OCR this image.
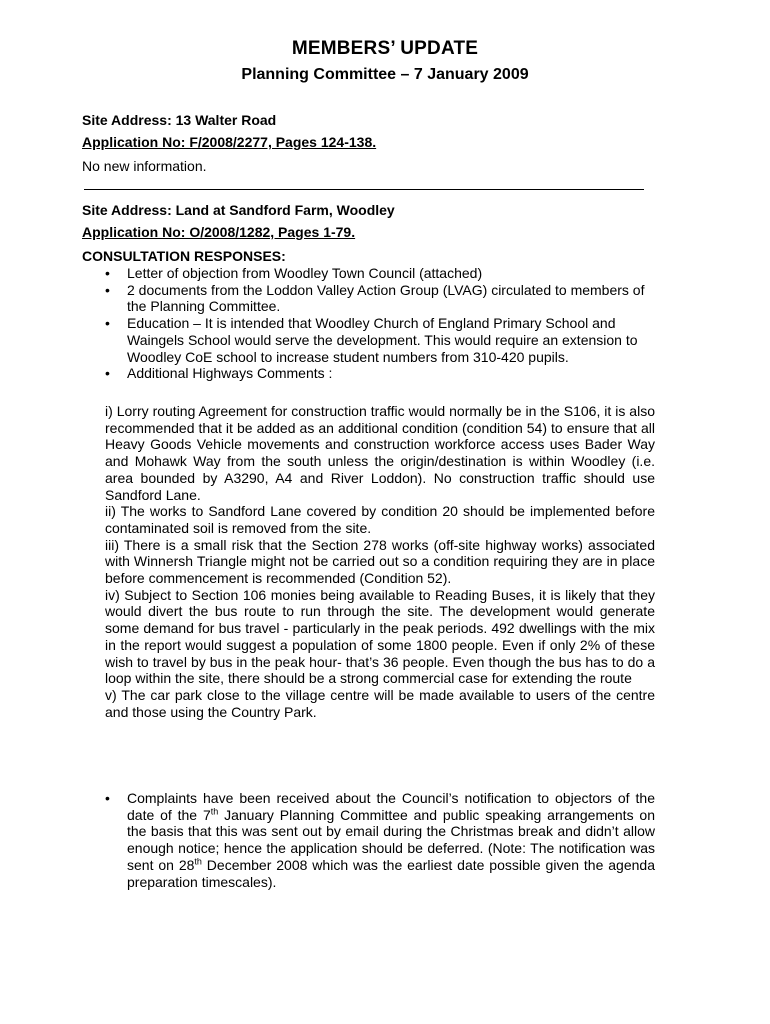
MEMBERS’ UPDATE
Planning Committee – 7 January 2009
Site Address: 13 Walter Road
Application No: F/2008/2277, Pages 124-138.
No new information.
Site Address: Land at Sandford Farm, Woodley
Application No: O/2008/1282, Pages 1-79.
CONSULTATION RESPONSES:
• Letter of objection from Woodley Town Council (attached)
• 2 documents from the Loddon Valley Action Group (LVAG) circulated to members of the Planning Committee.
• Education – It is intended that Woodley Church of England Primary School and Waingels School would serve the development. This would require an extension to Woodley CoE school to increase student numbers from 310-420 pupils.
• Additional Highways Comments :
i) Lorry routing Agreement for construction traffic would normally be in the S106, it is also recommended that it be added as an additional condition (condition 54) to ensure that all Heavy Goods Vehicle movements and construction workforce access uses Bader Way and Mohawk Way from the south unless the origin/destination is within Woodley (i.e. area bounded by A3290, A4 and River Loddon). No construction traffic should use Sandford Lane.
ii) The works to Sandford Lane covered by condition 20 should be implemented before contaminated soil is removed from the site.
iii) There is a small risk that the Section 278 works (off-site highway works) associated with Winnersh Triangle might not be carried out so a condition requiring they are in place before commencement is recommended (Condition 52).
iv) Subject to Section 106 monies being available to Reading Buses, it is likely that they would divert the bus route to run through the site. The development would generate some demand for bus travel - particularly in the peak periods. 492 dwellings with the mix in the report would suggest a population of some 1800 people. Even if only 2% of these wish to travel by bus in the peak hour- that’s 36 people. Even though the bus has to do a loop within the site, there should be a strong commercial case for extending the route
v) The car park close to the village centre will be made available to users of the centre and those using the Country Park.
• Complaints have been received about the Council’s notification to objectors of the date of the 7th January Planning Committee and public speaking arrangements on the basis that this was sent out by email during the Christmas break and didn’t allow enough notice; hence the application should be deferred. (Note: The notification was sent on 28th December 2008 which was the earliest date possible given the agenda preparation timescales).
